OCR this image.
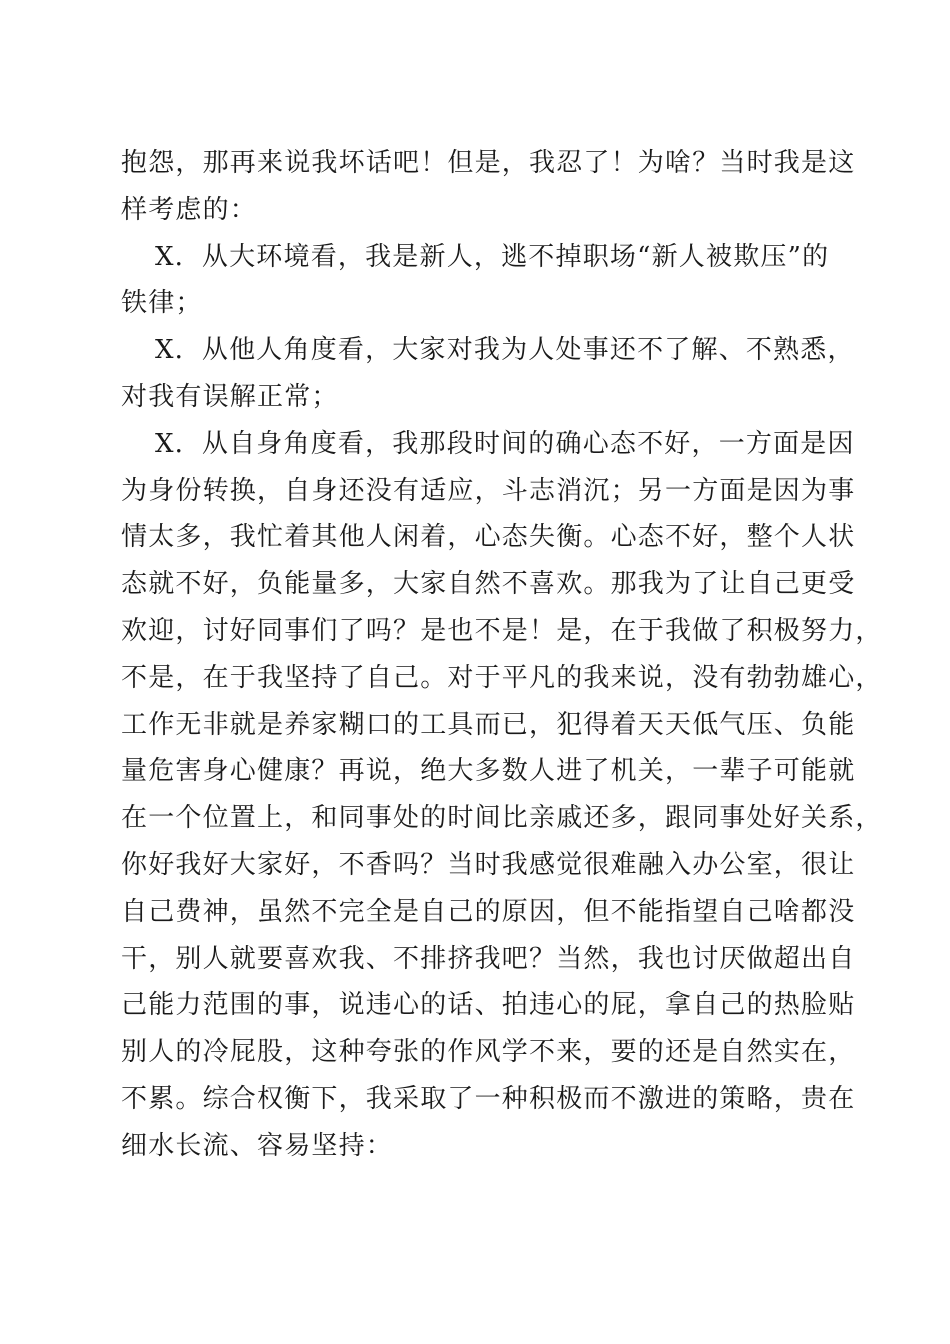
抱怨，那再来说我坏话吧！但是，我忍了！为啥？当时我是这
样考虑的：
X．从大环境看，我是新人，逃不掉职场“新人被欺压”的
铁律；
X．从他人角度看，大家对我为人处事还不了解、不熟悉，
对我有误解正常；
X．从自身角度看，我那段时间的确心态不好，一方面是因
为身份转换，自身还没有适应，斗志消沉；另一方面是因为事
情太多，我忙着其他人闲着，心态失衡。心态不好，整个人状
态就不好，负能量多，大家自然不喜欢。那我为了让自己更受
欢迎，讨好同事们了吗？是也不是！是，在于我做了积极努力，
不是，在于我坚持了自己。对于平凡的我来说，没有勃勃雄心，
工作无非就是养家糊口的工具而已，犯得着天天低气压、负能
量危害身心健康？再说，绝大多数人进了机关，一辈子可能就
在一个位置上，和同事处的时间比亲戚还多，跟同事处好关系，
你好我好大家好，不香吗？当时我感觉很难融入办公室，很让
自己费神，虽然不完全是自己的原因，但不能指望自己啥都没
干，别人就要喜欢我、不排挤我吧？当然，我也讨厌做超出自
己能力范围的事，说违心的话、拍违心的屁，拿自己的热脸贴
别人的冷屁股，这种夸张的作风学不来，要的还是自然实在，
不累。综合权衡下，我采取了一种积极而不激进的策略，贵在
细水长流、容易坚持：
